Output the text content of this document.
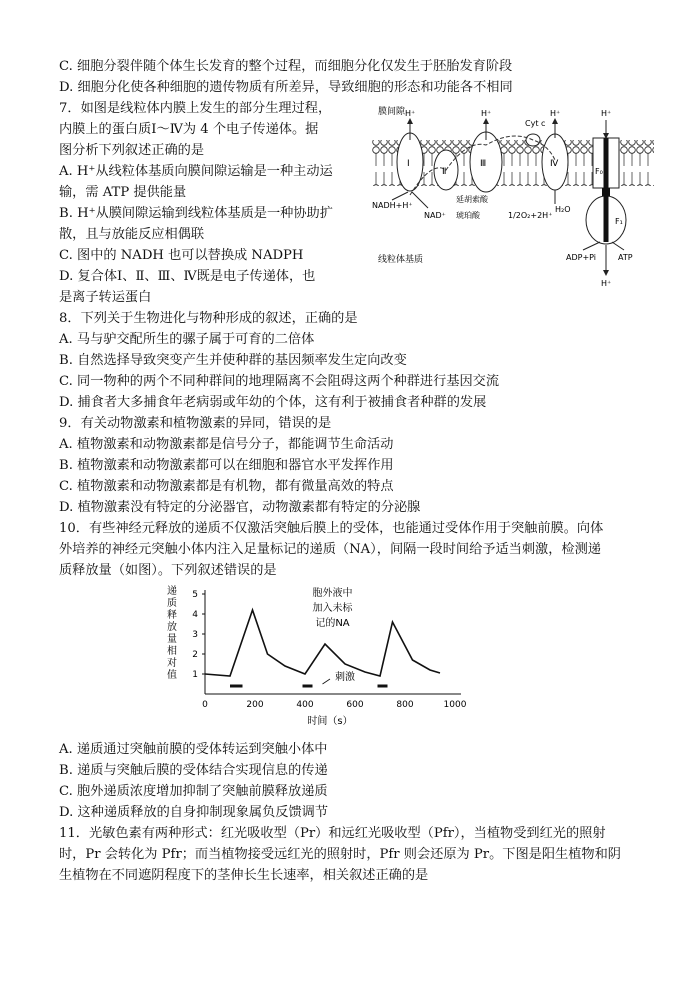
C. 细胞分裂伴随个体生长发育的整个过程，而细胞分化仅发生于胚胎发育阶段
D. 细胞分化使各种细胞的遗传物质有所差异，导致细胞的形态和功能各不相同
7．如图是线粒体内膜上发生的部分生理过程，
内膜上的蛋白质Ⅰ～Ⅳ为 4 个电子传递体。据
图分析下列叙述正确的是
A. H⁺从线粒体基质向膜间隙运输是一种主动运
输，需 ATP 提供能量
B. H⁺从膜间隙运输到线粒体基质是一种协助扩
散，且与放能反应相偶联
C. 图中的 NADH 也可以替换成 NADPH
D. 复合体Ⅰ、Ⅱ、Ⅲ、Ⅳ既是电子传递体，也
是离子转运蛋白
8．下列关于生物进化与物种形成的叙述，正确的是
A. 马与驴交配所生的骡子属于可育的二倍体
B. 自然选择导致突变产生并使种群的基因频率发生定向改变
C. 同一物种的两个不同种群间的地理隔离不会阻碍这两个种群进行基因交流
D. 捕食者大多捕食年老病弱或年幼的个体，这有利于被捕食者种群的发展
9．有关动物激素和植物激素的异同，错误的是
A. 植物激素和动物激素都是信号分子，都能调节生命活动
B. 植物激素和动物激素都可以在细胞和器官水平发挥作用
C. 植物激素和动物激素都是有机物，都有微量高效的特点
D. 植物激素没有特定的分泌器官，动物激素都有特定的分泌腺
10．有些神经元释放的递质不仅激活突触后膜上的受体，也能通过受体作用于突触前膜。向体
外培养的神经元突触小体内注入足量标记的递质（NA），间隔一段时间给予适当刺激，检测递
质释放量（如图）。下列叙述错误的是
A. 递质通过突触前膜的受体转运到突触小体中
B. 递质与突触后膜的受体结合实现信息的传递
C. 胞外递质浓度增加抑制了突触前膜释放递质
D. 这种递质释放的自身抑制现象属负反馈调节
11．光敏色素有两种形式：红光吸收型（Pr）和远红光吸收型（Pfr），当植物受到红光的照射
时，Pr 会转化为 Pfr；而当植物接受远红光的照射时，Pfr 则会还原为 Pr。下图是阳生植物和阴
生植物在不同遮阴程度下的茎伸长生长速率，相关叙述正确的是
膜间隙 H⁺	H⁺	H⁺	H⁺
H⁺
Cyt c
Ⅰ
Ⅱ
Ⅲ	Ⅳ
F₀
F₁
NADH+H⁺
NAD⁺
延胡索酸
琥珀酸	1/2O₂+2H⁺
H₂O
线粒体基质	ADP+Pi	ATP
1
2
3
4
5
0	200	400	600	800	1000
递
质
释
放
量
相
对
值
时间（s）
刺激
胞外液中
加入未标
记的NA
